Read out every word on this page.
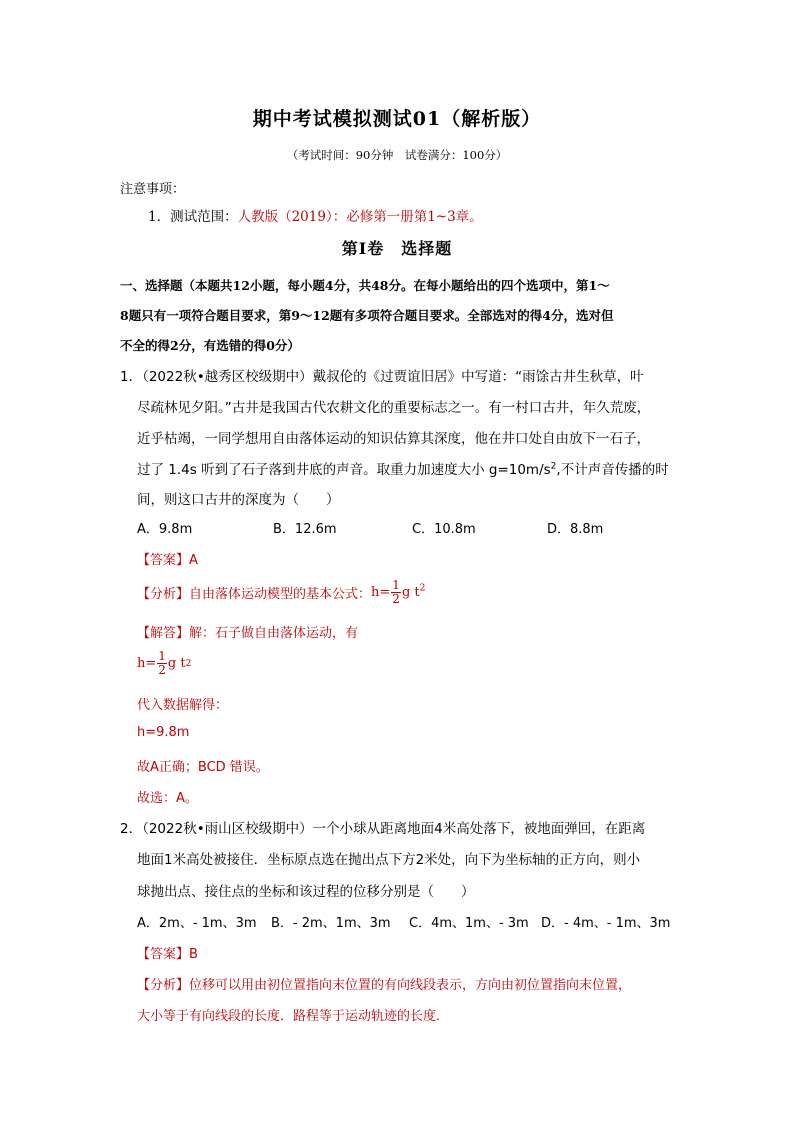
期中考试模拟测试01（解析版）
（考试时间：90分钟　试卷满分：100分）
注意事项：
1．测试范围：人教版（2019）：必修第一册第1~3章。
第Ⅰ卷　选择题
一、选择题（本题共12小题，每小题4分，共48分。在每小题给出的四个选项中，第1～
8题只有一项符合题目要求，第9～12题有多项符合题目要求。全部选对的得4分，选对但
不全的得2分，有选错的得0分）
1．（2022秋•越秀区校级期中）戴叔伦的《过贾谊旧居》中写道：“雨馀古井生秋草，叶
尽疏林见夕阳。”古井是我国古代农耕文化的重要标志之一。有一村口古井，年久荒废，
近乎枯竭，一同学想用自由落体运动的知识估算其深度，他在井口处自由放下一石子，
过了 1.4s 听到了石子落到井底的声音。取重力加速度大小 $g=10m/s^2$,不计声音传播的时
间，则这口古井的深度为（　　）
A．9.8m	B．12.6m	C．10.8m	D．8.8m
【答案】A
【分析】 自由落体运动模型的基本公式： $h= \frac{1}{2}$ g $t^2$
【解答】解：石子做自由落体运动，有
$h= \frac{1}{2}$ g t 2
代入数据解得：
h=9.8m
故A正确；BCD 错误。
故选：A。
2．（2022秋•雨山区校级期中）一个小球从距离地面4米高处落下，被地面弹回，在距离
地面1米高处被接住．坐标原点选在抛出点下方2米处，向下为坐标轴的正方向，则小
球抛出点、接住点的坐标和该过程的位移分别是（　　）
A．2m、- 1m、3m B．- 2m、1m、3m C．4m、1m、- 3m D．- 4m、- 1m、3m
【答案】B
【分析】位移可以用由初位置指向末位置的有向线段表示，方向由初位置指向末位置，
大小等于有向线段的长度．路程等于运动轨迹的长度．
